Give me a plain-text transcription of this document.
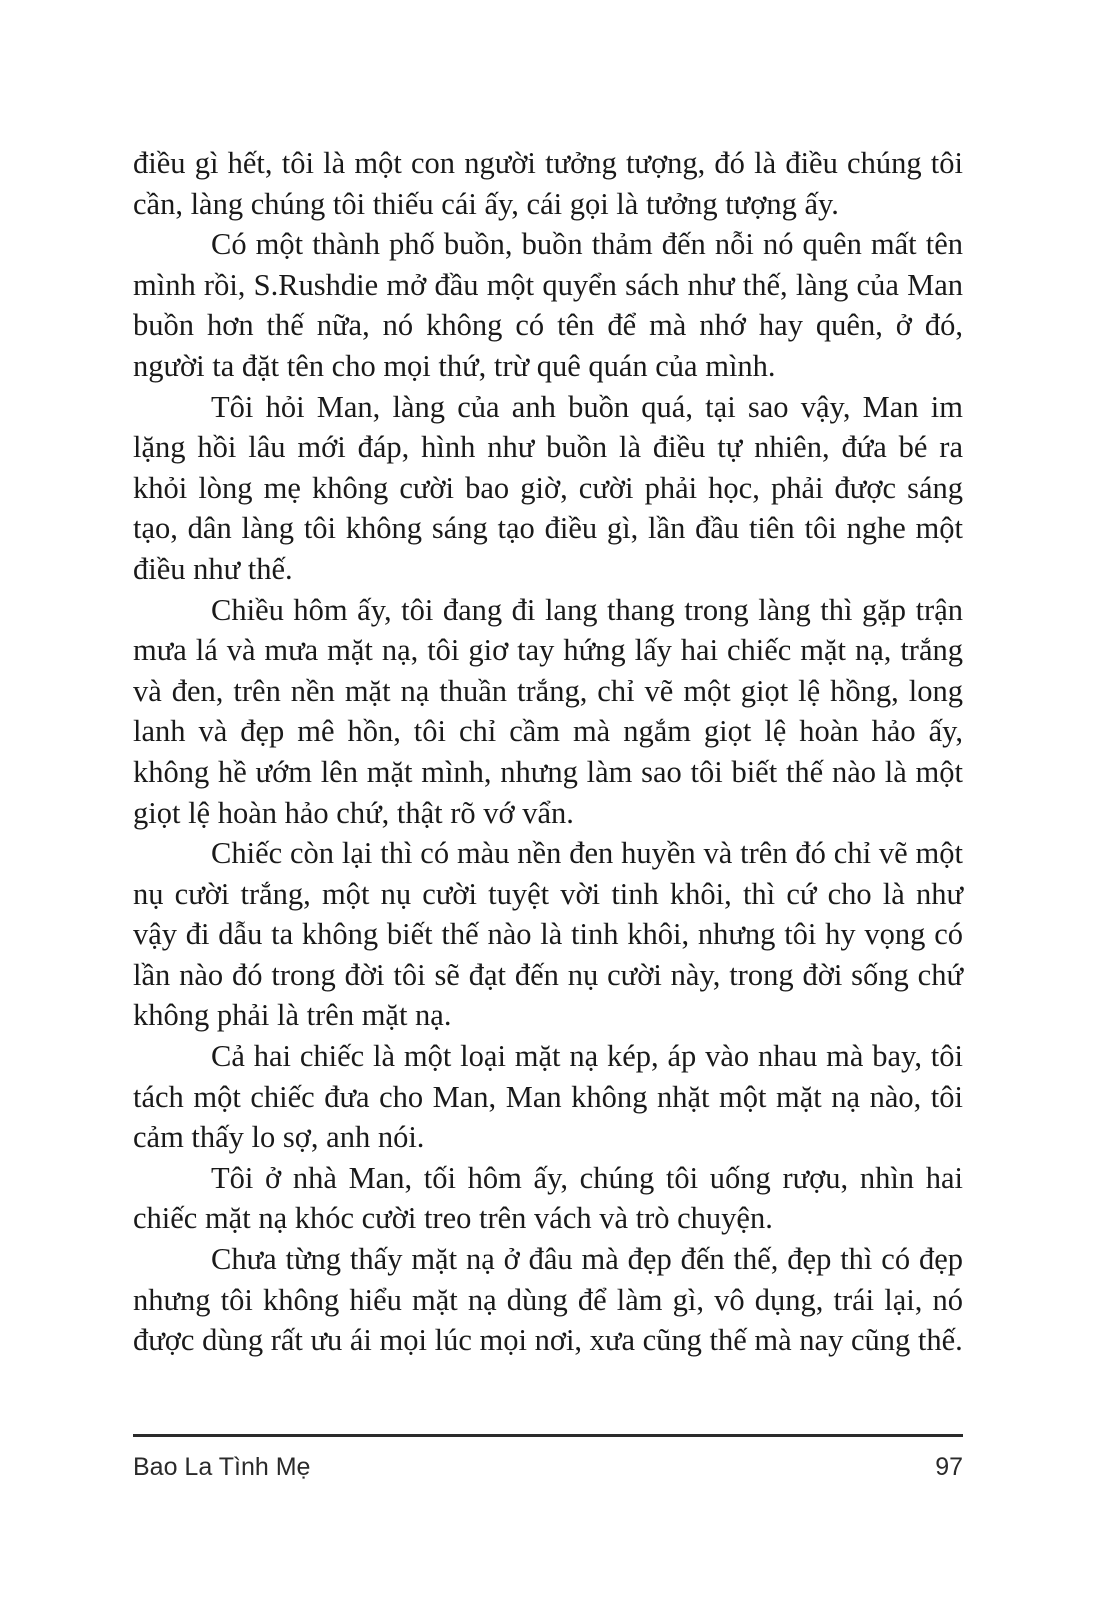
điều gì hết, tôi là một con người tưởng tượng, đó là điều chúng tôi cần, làng chúng tôi thiếu cái ấy, cái gọi là tưởng tượng ấy.

Có một thành phố buồn, buồn thảm đến nỗi nó quên mất tên mình rồi, S.Rushdie mở đầu một quyển sách như thế, làng của Man buồn hơn thế nữa, nó không có tên để mà nhớ hay quên, ở đó, người ta đặt tên cho mọi thứ, trừ quê quán của mình.

Tôi hỏi Man, làng của anh buồn quá, tại sao vậy, Man im lặng hồi lâu mới đáp, hình như buồn là điều tự nhiên, đứa bé ra khỏi lòng mẹ không cười bao giờ, cười phải học, phải được sáng tạo, dân làng tôi không sáng tạo điều gì, lần đầu tiên tôi nghe một điều như thế.

Chiều hôm ấy, tôi đang đi lang thang trong làng thì gặp trận mưa lá và mưa mặt nạ, tôi giơ tay hứng lấy hai chiếc mặt nạ, trắng và đen, trên nền mặt nạ thuần trắng, chỉ vẽ một giọt lệ hồng, long lanh và đẹp mê hồn, tôi chỉ cầm mà ngắm giọt lệ hoàn hảo ấy, không hề ướm lên mặt mình, nhưng làm sao tôi biết thế nào là một giọt lệ hoàn hảo chứ, thật rõ vớ vẩn.

Chiếc còn lại thì có màu nền đen huyền và trên đó chỉ vẽ một nụ cười trắng, một nụ cười tuyệt vời tinh khôi, thì cứ cho là như vậy đi dẫu ta không biết thế nào là tinh khôi, nhưng tôi hy vọng có lần nào đó trong đời tôi sẽ đạt đến nụ cười này, trong đời sống chứ không phải là trên mặt nạ.

Cả hai chiếc là một loại mặt nạ kép, áp vào nhau mà bay, tôi tách một chiếc đưa cho Man, Man không nhặt một mặt nạ nào, tôi cảm thấy lo sợ, anh nói.

Tôi ở nhà Man, tối hôm ấy, chúng tôi uống rượu, nhìn hai chiếc mặt nạ khóc cười treo trên vách và trò chuyện.

Chưa từng thấy mặt nạ ở đâu mà đẹp đến thế, đẹp thì có đẹp nhưng tôi không hiểu mặt nạ dùng để làm gì, vô dụng, trái lại, nó được dùng rất ưu ái mọi lúc mọi nơi, xưa cũng thế mà nay cũng thế.

Bao La Tình Mẹ	97
